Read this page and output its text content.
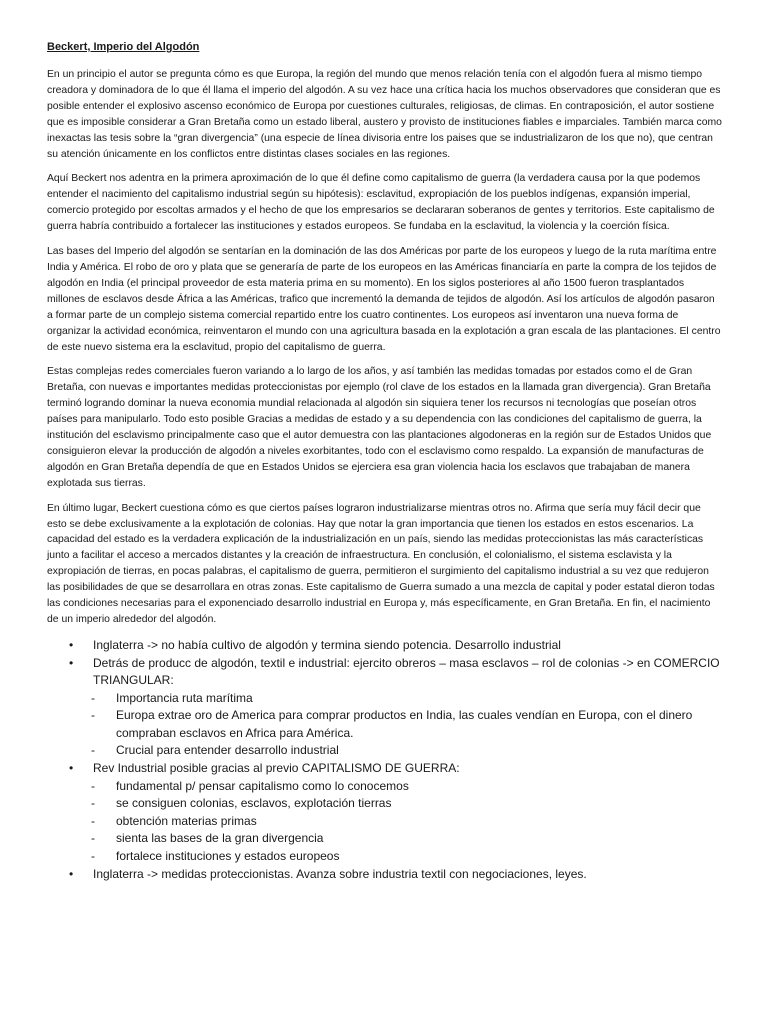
Beckert, Imperio del Algodón

En un principio el autor se pregunta cómo es que Europa, la región del mundo que menos relación tenía con el algodón fuera al mismo tiempo creadora y dominadora de lo que él llama el imperio del algodón. A su vez hace una crítica hacia los muchos observadores que consideran que es posible entender el explosivo ascenso económico de Europa por cuestiones culturales, religiosas, de climas. En contraposición, el autor sostiene que es imposible considerar a Gran Bretaña como un estado liberal, austero y provisto de instituciones fiables e imparciales. También marca como inexactas las tesis sobre la “gran divergencia” (una especie de línea divisoria entre los paises que se industrializaron de los que no), que centran su atención únicamente en los conflictos entre distintas clases sociales en las regiones.

Aquí Beckert nos adentra en la primera aproximación de lo que él define como capitalismo de guerra (la verdadera causa por la que podemos entender el nacimiento del capitalismo industrial según su hipótesis): esclavitud, expropiación de los pueblos indígenas, expansión imperial, comercio protegido por escoltas armados y el hecho de que los empresarios se declararan soberanos de gentes y territorios. Este capitalismo de guerra habría contribuido a fortalecer las instituciones y estados europeos. Se fundaba en la esclavitud, la violencia y la coerción física.

Las bases del Imperio del algodón se sentarían en la dominación de las dos Américas por parte de los europeos y luego de la ruta marítima entre India y América. El robo de oro y plata que se generaría de parte de los europeos en las Américas financiaría en parte la compra de los tejidos de algodón en India (el principal proveedor de esta materia prima en su momento). En los siglos posteriores al año 1500 fueron trasplantados millones de esclavos desde África a las Américas, trafico que incrementó la demanda de tejidos de algodón. Así los artículos de algodón pasaron a formar parte de un complejo sistema comercial repartido entre los cuatro continentes. Los europeos así inventaron una nueva forma de organizar la actividad económica, reinventaron el mundo con una agricultura basada en la explotación a gran escala de las plantaciones. El centro de este nuevo sistema era la esclavitud, propio del capitalismo de guerra.

Estas complejas redes comerciales fueron variando a lo largo de los años, y así también las medidas tomadas por estados como el de Gran Bretaña, con nuevas e importantes medidas proteccionistas por ejemplo (rol clave de los estados en la llamada gran divergencia). Gran Bretaña terminó logrando dominar la nueva economia mundial relacionada al algodón sin siquiera tener los recursos ni tecnologías que poseían otros países para manipularlo. Todo esto posible Gracias a medidas de estado y a su dependencia con las condiciones del capitalismo de guerra, la institución del esclavismo principalmente caso que el autor demuestra con las plantaciones algodoneras en la región sur de Estados Unidos que consiguieron elevar la producción de algodón a niveles exorbitantes, todo con el esclavismo como respaldo. La expansión de manufacturas de algodón en Gran Bretaña dependía de que en Estados Unidos se ejerciera esa gran violencia hacia los esclavos que trabajaban de manera explotada sus tierras.

En último lugar, Beckert cuestiona cómo es que ciertos países lograron industrializarse mientras otros no. Afirma que sería muy fácil decir que esto se debe exclusivamente a la explotación de colonias. Hay que notar la gran importancia que tienen los estados en estos escenarios. La capacidad del estado es la verdadera explicación de la industrialización en un país, siendo las medidas proteccionistas las más características junto a facilitar el acceso a mercados distantes y la creación de infraestructura. En conclusión, el colonialismo, el sistema esclavista y la expropiación de tierras, en pocas palabras, el capitalismo de guerra, permitieron el surgimiento del capitalismo industrial a su vez que redujeron las posibilidades de que se desarrollara en otras zonas. Este capitalismo de Guerra sumado a una mezcla de capital y poder estatal dieron todas las condiciones necesarias para el exponenciado desarrollo industrial en Europa y, más específicamente, en Gran Bretaña. En fin, el nacimiento de un imperio alrededor del algodón.

• Inglaterra -> no había cultivo de algodón y termina siendo potencia. Desarrollo industrial
• Detrás de producc de algodón, textil e industrial: ejercito obreros – masa esclavos – rol de colonias -> en COMERCIO TRIANGULAR:
- Importancia ruta marítima
- Europa extrae oro de America para comprar productos en India, las cuales vendían en Europa, con el dinero compraban esclavos en Africa para América.
- Crucial para entender desarrollo industrial
• Rev Industrial posible gracias al previo CAPITALISMO DE GUERRA:
- fundamental p/ pensar capitalismo como lo conocemos
- se consiguen colonias, esclavos, explotación tierras
- obtención materias primas
- sienta las bases de la gran divergencia
- fortalece instituciones y estados europeos
• Inglaterra -> medidas proteccionistas. Avanza sobre industria textil con negociaciones, leyes.
